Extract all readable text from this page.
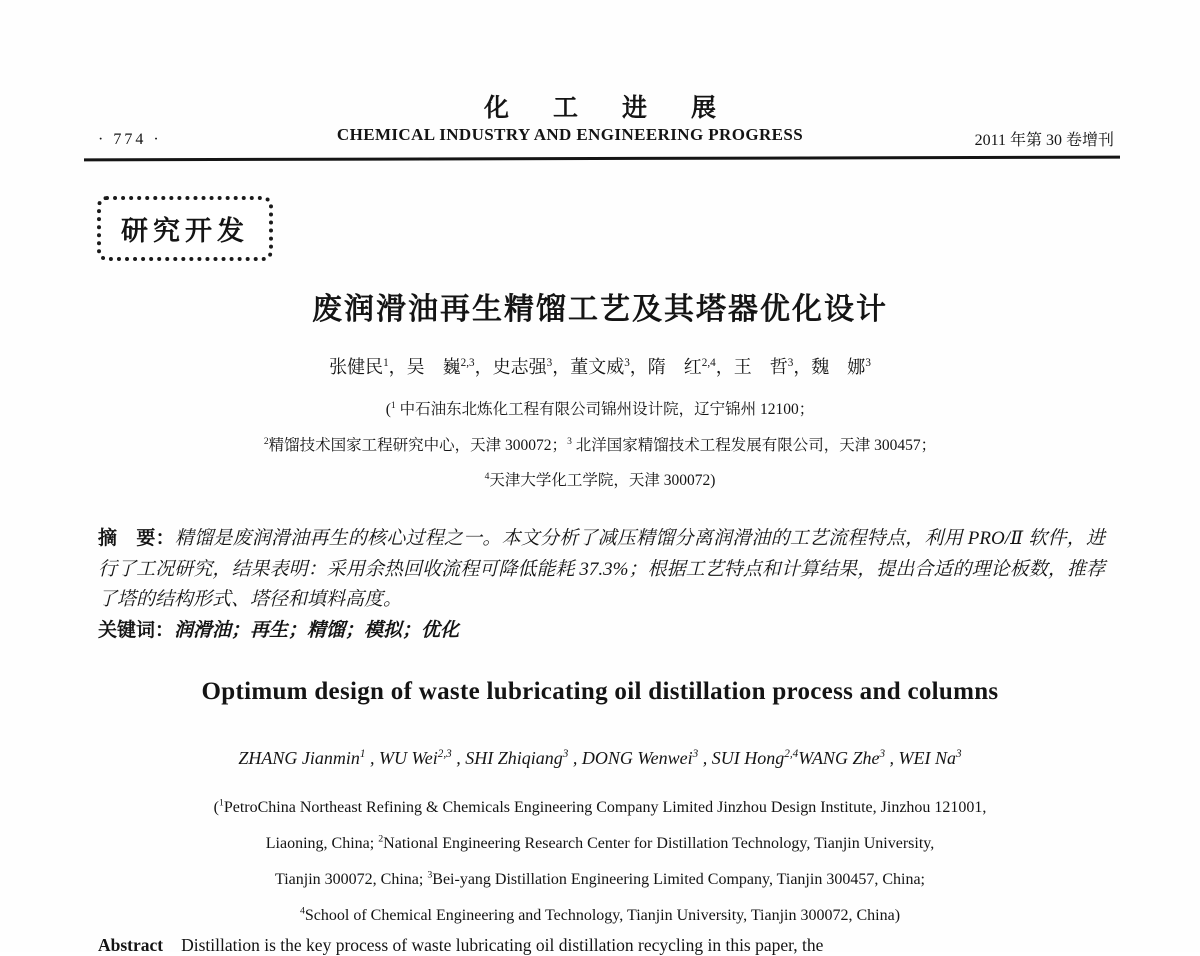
· 774 ·
化工进展
CHEMICAL INDUSTRY AND ENGINEERING PROGRESS	2011 年第 30 卷增刊
研究开发
废润滑油再生精馏工艺及其塔器优化设计
张健民$^1$，吴　巍$^{2,3}$，史志强$^3$，董文威$^3$，隋　红$^{2,4}$，王　哲$^3$，魏　娜$^3$
($^1$ 中石油东北炼化工程有限公司锦州设计院，辽宁锦州 12100；
$^2$精馏技术国家工程研究中心，天津 300072；$^3$ 北洋国家精馏技术工程发展有限公司，天津 300457；
$^4$天津大学化工学院，天津 300072)

摘　要：精馏是废润滑油再生的核心过程之一。本文分析了减压精馏分离润滑油的工艺流程特点，利用 PRO/Ⅱ 软件，进行了工况研究，结果表明：采用余热回收流程可降低能耗 37.3%；根据工艺特点和计算结果，提出合适的理论板数，推荐了塔的结构形式、塔径和填料高度。

关键词：润滑油；再生；精馏；模拟；优化

Optimum design of waste lubricating oil distillation process and columns
ZHANG Jianmin$^1$ , WU Wei$^{2,3}$ , SHI Zhiqiang$^3$ , DONG Wenwei$^3$ , SUI Hong$^{2,4}$WANG Zhe$^3$ , WEI Na$^3$
($^1$PetroChina Northeast Refining & Chemicals Engineering Company Limited Jinzhou Design Institute, Jinzhou 121001,
Liaoning, China; $^2$National Engineering Research Center for Distillation Technology, Tianjin University,
Tianjin 300072, China; $^3$Bei-yang Distillation Engineering Limited Company, Tianjin 300457, China;
$^4$School of Chemical Engineering and Technology, Tianjin University, Tianjin 300072, China)
Abstract Distillation is the key process of waste lubricating oil distillation recycling in this paper, the
